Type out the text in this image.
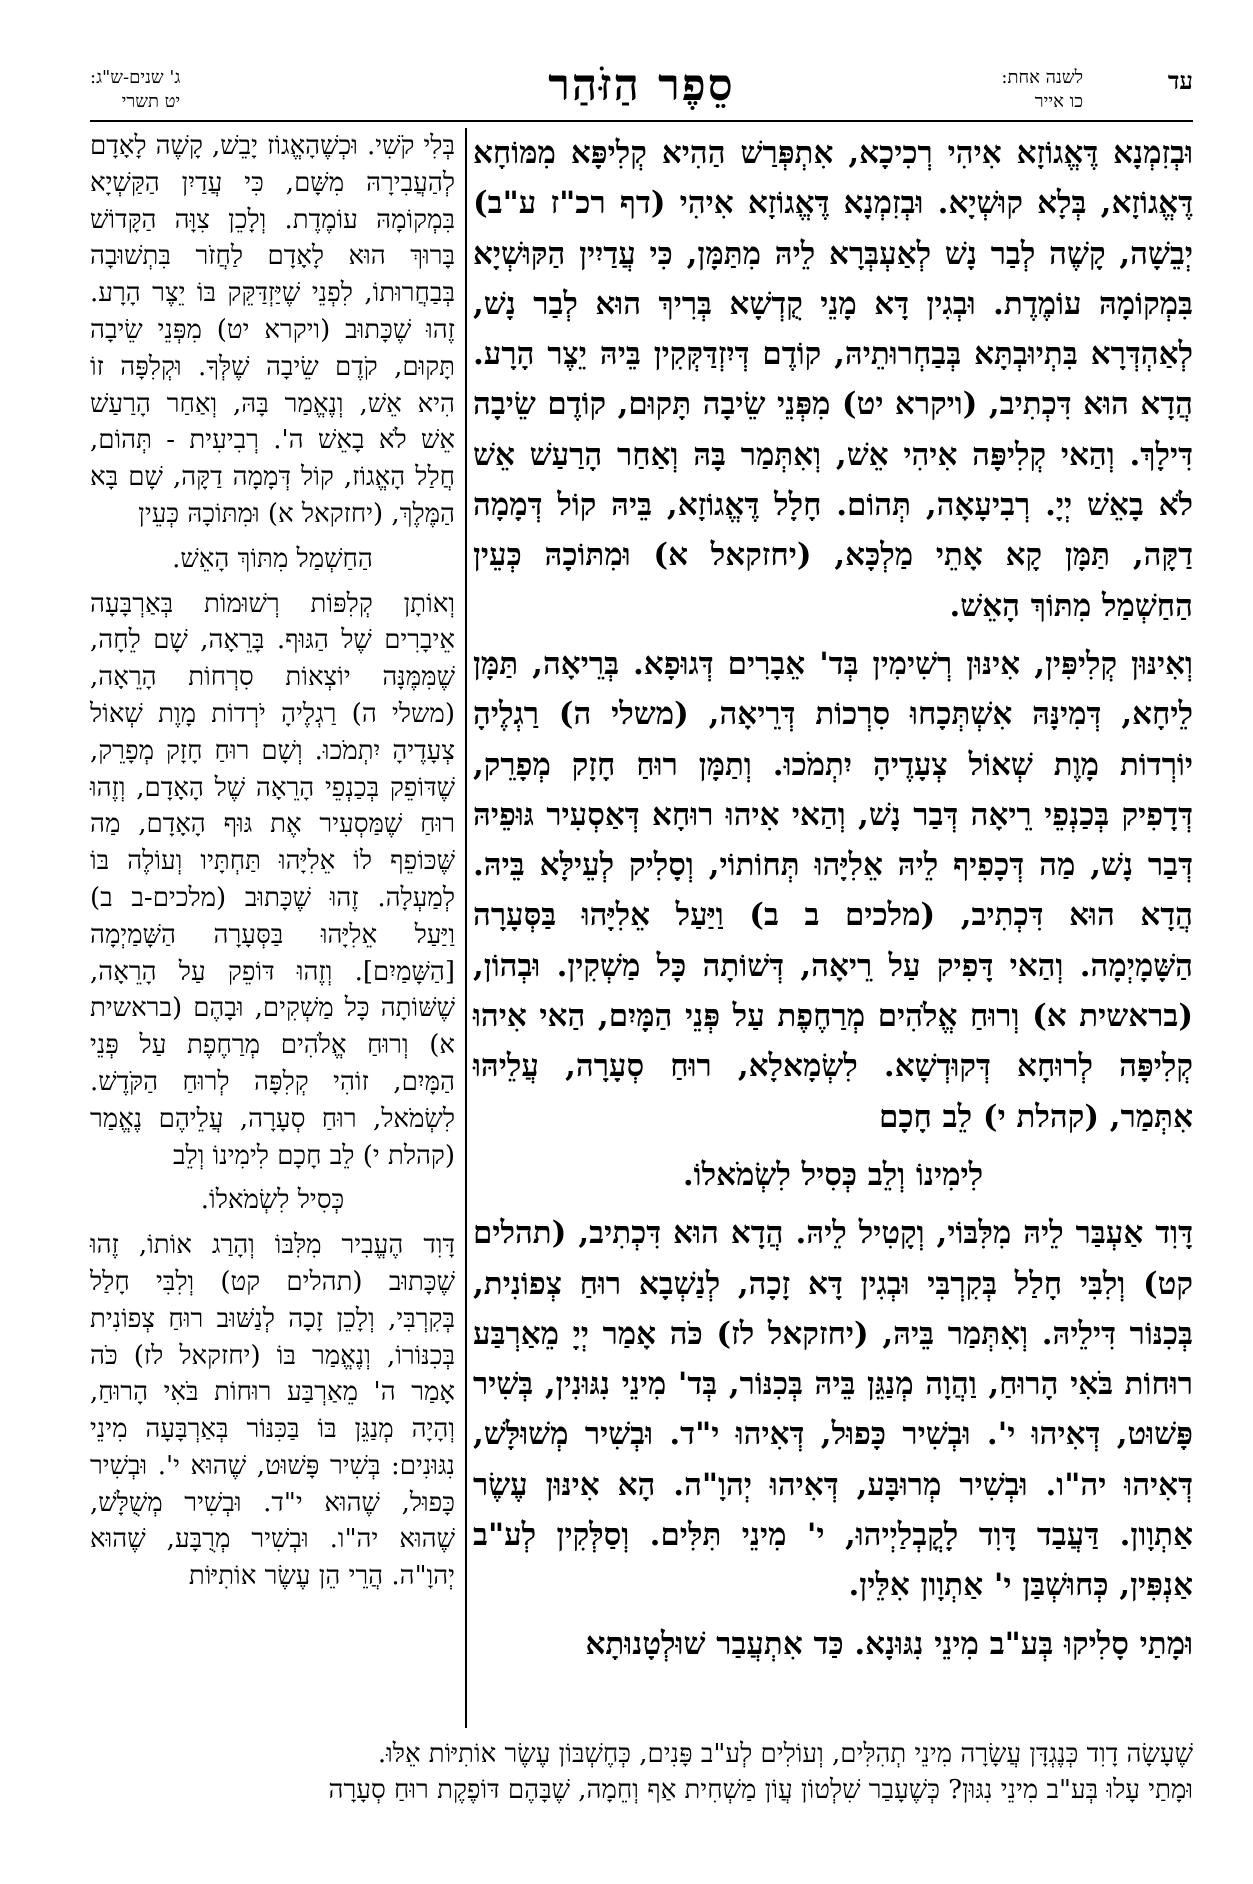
עד
לשנה אחת:
כו אייר
סֵפֶר הַזֹּהַר
ג' שנים-ש"ג:
יט תשרי

וּבְזִמְנָא דֶּאֱגוֹזָא אִיהִי רְכִיכָא, אִתְפְּרַשׁ הַהִיא קְלִיפָּא מִמּוֹחָא דֶּאֱגוֹזָא, בְּלָא קוּשְׁיָא. וּבְזִמְנָא דֶּאֱגוֹזָא אִיהִי (דף רכ"ז ע"ב) יְבֵשָׁה, קָשֶׁה לְבַר נָשׁ לְאַעְבְּרָא לֵיהּ מִתַּמָּן, כִּי עֲדַיִין הַקּוּשְׁיָא בִּמְקוֹמָהּ עוֹמֶדֶת. וּבְגִין דָּא מָנֵי קֻדְשָׁא בְּרִיךְ הוּא לְבַר נָשׁ, לְאַהְדְּרָא בִּתְיוּבְתָּא בְּבַחְרוּתֵיהּ, קוֹדֶם דְּיִזְדַּקְּקִין בֵּיהּ יֵצֶר הָרָע. הֲדָא הוּא דִּכְתִיב, (ויקרא יט) מִפְּנֵי שֵׂיבָה תָּקוּם, קוֹדֶם שֵׂיבָה דִּילָךְ. וְהַאי קְלִיפָּה אִיהִי אֵשׁ, וְאִתְּמַר בָּהּ וְאַחַר הָרַעַשׁ אֵשׁ לֹא בָאֵשׁ יְיָ. רְבִיעָאָה, תְּהוֹם. חָלָל דֶּאֱגוֹזָא, בֵּיהּ קוֹל דְּמָמָה דַקָּה, תַּמָּן קָא אָתֵי מַלְכָּא, (יחזקאל א) וּמִתּוֹכָהּ כְּעֵין הַחַשְׁמַל מִתּוֹךְ הָאֵשׁ.

וְאִינּוּן קְלִיפִּין, אִינּוּן רְשִׁימִין בְּד' אֵבָרִים דְּגוּפָא. בְּרֵיאָה, תַּמָּן לֵיחָא, דְּמִינָּהּ אִשְׁתְּכָחוּ סִרְכוֹת דְּרֵיאָה, (משלי ה) רַגְלֶיהָ יוֹרְדוֹת מָוֶת שְׁאוֹל צְעָדֶיהָ יִתְמֹכוּ. וְתַמָּן רוּחַ חָזָק מְפָרֵק, דְּדָפִיק בְּכַנְפֵי רֵיאָה דְּבַר נָשׁ, וְהַאי אִיהוּ רוּחָא דְּאַסְעִיר גּוּפֵיהּ דְּבַר נָשׁ, מַה דְּכָפִיף לֵיהּ אֵלִיָּהוּ תְּחוֹתוֹי, וְסָלִיק לְעֵילָּא בֵּיהּ. הֲדָא הוּא דִּכְתִיב, (מלכים ב ב) וַיַּעַל אֵלִיָּהוּ בַּסְּעָרָה הַשָּׁמָיְמָה. וְהַאי דָּפִיק עַל רֵיאָה, דְּשׁוֹתָה כָּל מַשְׁקִין. וּבְהוֹן, (בראשית א) וְרוּחַ אֱלֹהִים מְרַחֶפֶת עַל פְּנֵי הַמָּיִם, הַאי אִיהוּ קְלִיפָּה לְרוּחָא דְּקוּדְשָׁא. לִשְׂמָאלָא, רוּחַ סְעָרָה, עֲלֵיהּוּ אִתְּמַר, (קהלת י) לֵב חָכָם

לִימִינוֹ וְלֵב כְּסִיל לִשְׂמֹאלוֹ.

דָּוִד אַעְבַּר לֵיהּ מִלִּבּוֹי, וְקָטִיל לֵיהּ. הֲדָא הוּא דִּכְתִיב, (תהלים קט) וְלִבִּי חָלַל בְּקִרְבִּי וּבְגִין דָּא זָכָה, לְנַשְׁבָא רוּחַ צְפוֹנִית, בְּכִנּוֹר דִּילֵיהּ. וְאִתְּמַר בֵּיהּ, (יחזקאל לז) כֹּה אָמַר יְיָ מֵאַרְבַּע רוּחוֹת בֹּאִי הָרוּחַ, וַהֲוָה מְנַגֵּן בֵּיהּ בְּכִנּוֹר, בְּד' מִינֵי נִגּוּנִין, בְּשִׁיר פָּשׁוּט, דְּאִיהוּ י'. וּבְשִׁיר כָּפוּל, דְּאִיהוּ י"ד. וּבְשִׁיר מְשׁוּלָּשׁ, דְּאִיהוּ יה"ו. וּבְשִׁיר מְרוּבָּע, דְּאִיהוּ יְהוָ"ה. הָא אִינּוּן עֶשֶׂר אַתְוָון. דַּעֲבַד דָּוִד לָקֳבְלַיְיהוּ, י' מִינֵי תִּלִּים. וְסַלְּקִין לְע"ב אַנְפִּין, כְּחוּשְׁבַּן י' אַתְוָון אִלֵּין.

וּמָתַי סָלִיקוּ בְּע"ב מִינֵי נִגּוּנָא. כַּד אִתְעֲבַר שׁוּלְטָנוּתָא

בְּלִי קֹשִׁי. וּכְשֶׁהָאֱגוֹז יָבֵשׁ, קָשֶׁה לָאָדָם לְהַעֲבִירָהּ מִשָּׁם, כִּי עֲדַיִן הַקַּשְׁיָא בִּמְקוֹמָהּ עוֹמֶדֶת. וְלָכֵן צִוָּה הַקָּדוֹשׁ בָּרוּךְ הוּא לָאָדָם לַחֲזֹר בִּתְשׁוּבָה בְּבַחֲרוּתוֹ, לִפְנֵי שֶׁיַּזְדַּקֵּק בּוֹ יֵצֶר הָרָע. זֶהוּ שֶׁכָּתוּב (ויקרא יט) מִפְּנֵי שֵׂיבָה תָּקוּם, קֹדֶם שֵׂיבָה שֶׁלְּךָ. וּקְלִפָּה זוֹ הִיא אֵשׁ, וְנֶאֱמַר בָּהּ, וְאַחַר הָרַעַשׁ אֵשׁ לֹא בָאֵשׁ ה'. רְבִיעִית - תְּהוֹם, חֲלַל הָאֱגוֹז, קוֹל דְּמָמָה דַקָּה, שָׁם בָּא הַמֶּלֶךְ, (יחזקאל א) וּמִתּוֹכָהּ כְּעֵין

הַחַשְׁמַל מִתּוֹךְ הָאֵשׁ.

וְאוֹתָן קְלִפּוֹת רְשׁוּמוֹת בְּאַרְבָּעָה אֵיבָרִים שֶׁל הַגּוּף. בָּרֵאָה, שָׁם לֵחָה, שֶׁמִּמֶּנָּה יוֹצְאוֹת סִרְחוֹת הָרֵאָה, (משלי ה) רַגְלֶיהָ יֹרְדוֹת מָוֶת שְׁאוֹל צְעָדֶיהָ יִתְמֹכוּ. וְשָׁם רוּחַ חָזָק מְפָרֵק, שֶׁדּוֹפֵק בְּכַנְפֵי הָרֵאָה שֶׁל הָאָדָם, וְזֶהוּ רוּחַ שֶׁמַּסְעִיר אֶת גּוּף הָאָדָם, מַה שֶּׁכּוֹפֵף לוֹ אֵלִיָּהוּ תַּחְתָּיו וְעוֹלֶה בּוֹ לְמַעְלָה. זֶהוּ שֶׁכָּתוּב (מלכים-ב ב) וַיַּעַל אֵלִיָּהוּ בַּסְּעָרָה הַשָּׁמַיְמָה [הַשָּׁמַיִם]. וְזֶהוּ דּוֹפֵק עַל הָרֵאָה, שֶׁשּׁוֹתָה כָּל מַשְׁקִים, וּבָהֶם (בראשית א) וְרוּחַ אֱלֹהִים מְרַחֶפֶת עַל פְּנֵי הַמָּיִם, זוֹהִי קְלִפָּה לְרוּחַ הַקֹּדֶשׁ. לִשְׂמֹאל, רוּחַ סְעָרָה, עֲלֵיהֶם נֶאֱמַר (קהלת י) לֵב חָכָם לִימִינוֹ וְלֵב

כְּסִיל לִשְׂמֹאלוֹ.

דָּוִד הֶעֱבִיר מִלִּבּוֹ וְהָרַג אוֹתוֹ, זֶהוּ שֶׁכָּתוּב (תהלים קט) וְלִבִּי חָלַל בְּקִרְבִּי, וְלָכֵן זָכָה לְנַשּׁוּב רוּחַ צְפוֹנִית בְּכִנּוֹרוֹ, וְנֶאֱמַר בּוֹ (יחזקאל לז) כֹּה אָמַר ה' מֵאַרְבַּע רוּחוֹת בֹּאִי הָרוּחַ, וְהָיָה מְנַגֵּן בּוֹ בַּכִּנּוֹר בְּאַרְבָּעָה מִינֵי נִגּוּנִים: בְּשִׁיר פָּשׁוּט, שֶׁהוּא י'. וּבְשִׁיר כָּפוּל, שֶׁהוּא י"ד. וּבְשִׁיר מְשֻׁלָּשׁ, שֶׁהוּא יה"ו. וּבְשִׁיר מְרֻבָּע, שֶׁהוּא יְהוָ"ה. הֲרֵי הֵן עֶשֶׂר אוֹתִיּוֹת

שֶׁעָשָׂה דָוִד כְּנֶגְדָּן עֲשָׂרָה מִינֵי תְהִלִּים, וְעוֹלִים לְע"ב פָּנִים, כְּחֶשְׁבּוֹן עֶשֶׂר אוֹתִיּוֹת אֵלּוּ.

וּמָתַי עָלוּ בְּע"ב מִינֵי נִגּוּן? כְּשֶׁעָבַר שִׁלְטוֹן עֲוֹן מַשְׁחִית אַף וְחֵמָה, שֶׁבָּהֶם דּוֹפֶקֶת רוּחַ סְעָרָה
